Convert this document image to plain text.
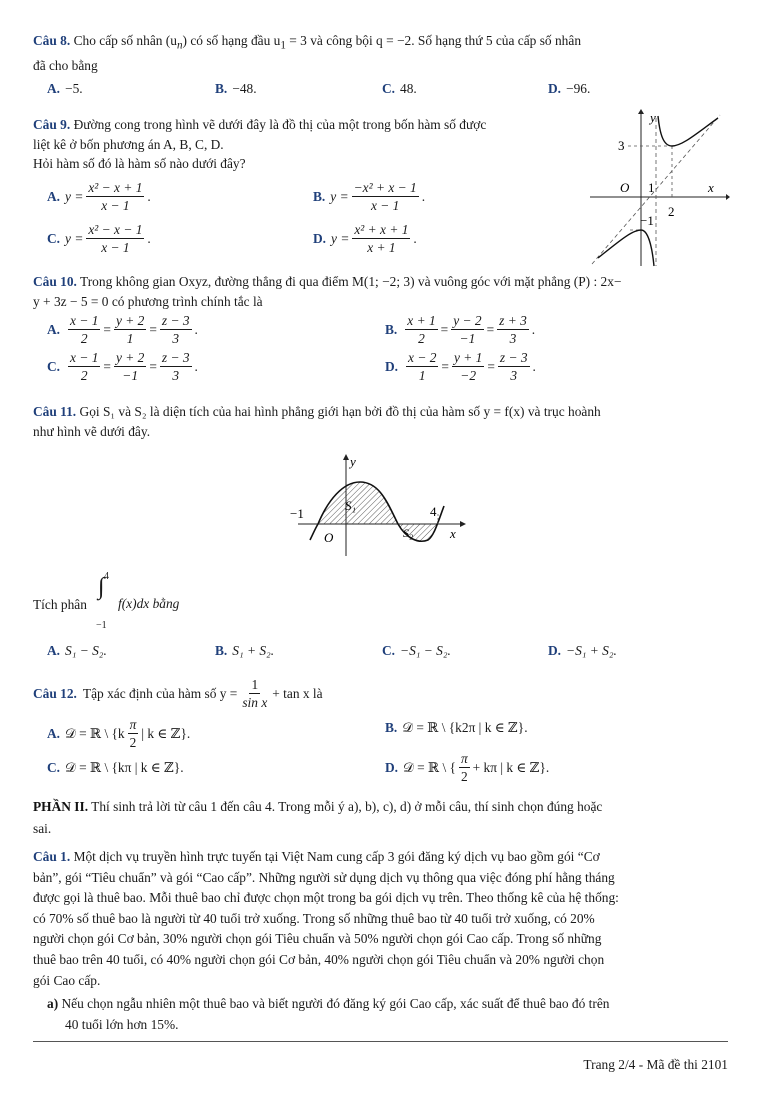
Câu 8. Cho cấp số nhân $(u_n)$ có số hạng đầu $u_1 = 3$ và công bội q = −2. Số hạng thứ 5 của cấp số nhân
đã cho bằng
A. −5.	B. −48.	C. 48.	D. −96.
Câu 9. Đường cong trong hình vẽ dưới đây là đồ thị của một trong bốn hàm số được
liệt kê ở bốn phương án A, B, C, D.
Hỏi hàm số đó là hàm số nào dưới đây?
A. $y = \frac{\text{x² − x + 1}}{x - 1}$ .	B. $y = \frac{\text{−x² + x − 1}}{x - 1}$ .
C. $y = \frac{\text{x² − x − 1}}{x - 1}$ .	D. $y = \frac{\text{x² + x + 1}}{x + 1}$ .
y
x
O
3
1
2
−1
Câu 10. Trong không gian Oxyz, đường thẳng đi qua điểm M(1; −2; 3) và vuông góc với mặt phẳng (P) : 2x−
y + 3z − 5 = 0 có phương trình chính tắc là
A. $\frac{x - 1}{2} = \frac{y + 2}{1} = \frac{z - 3}{3}$ .	B. $\frac{x + 1}{2} = \frac{y - 2}{-1} = \frac{z + 3}{3}$ .
C. $\frac{x - 1}{2} = \frac{y + 2}{-1} = \frac{z - 3}{3}$ .	D. $\frac{x - 2}{1} = \frac{y + 1}{-2} = \frac{z - 3}{3}$ .
Câu 11. Gọi S₁ và S₂ là diện tích của hai hình phẳng giới hạn bởi đồ thị của hàm số y = f(x) và trục hoành
như hình vẽ dưới đây.
y
x
O
−1	4
S₁
S₂
Tích phân
∫ 4
−1
f(x)dx bằng
A. S₁ − S₂.	B. S₁ + S₂.	C. −S₁ − S₂.	D. −S₁ + S₂.
Câu 12. Tập xác định của hàm số $y = \frac{1}{\text{sin x}} + \tan x$ là
A. 𝒟 = ℝ \ {$k \frac{\pi}{2}$ | k ∈ ℤ}.	B. 𝒟 = ℝ \ {k2π | k ∈ ℤ}.
C. 𝒟 = ℝ \ {kπ | k ∈ ℤ}.	D. 𝒟 = ℝ \ { $\frac{\pi}{2} + k\pi$ | k ∈ ℤ}.
PHẦN II. Thí sinh trả lời từ câu 1 đến câu 4. Trong mỗi ý a), b), c), d) ở mỗi câu, thí sinh chọn đúng hoặc
sai.
Câu 1. Một dịch vụ truyền hình trực tuyến tại Việt Nam cung cấp 3 gói đăng ký dịch vụ bao gồm gói “Cơ
bản”, gói “Tiêu chuẩn” và gói “Cao cấp”. Những người sử dụng dịch vụ thông qua việc đóng phí hằng tháng
được gọi là thuê bao. Mỗi thuê bao chỉ được chọn một trong ba gói dịch vụ trên. Theo thống kê của hệ thống:
có 70% số thuê bao là người từ 40 tuổi trở xuống. Trong số những thuê bao từ 40 tuổi trở xuống, có 20%
người chọn gói Cơ bản, 30% người chọn gói Tiêu chuẩn và 50% người chọn gói Cao cấp. Trong số những
thuê bao trên 40 tuổi, có 40% người chọn gói Cơ bản, 40% người chọn gói Tiêu chuẩn và 20% người chọn
gói Cao cấp.
a) Nếu chọn ngẫu nhiên một thuê bao và biết người đó đăng ký gói Cao cấp, xác suất để thuê bao đó trên
40 tuổi lớn hơn 15%.
Trang 2/4 - Mã đề thi 2101
